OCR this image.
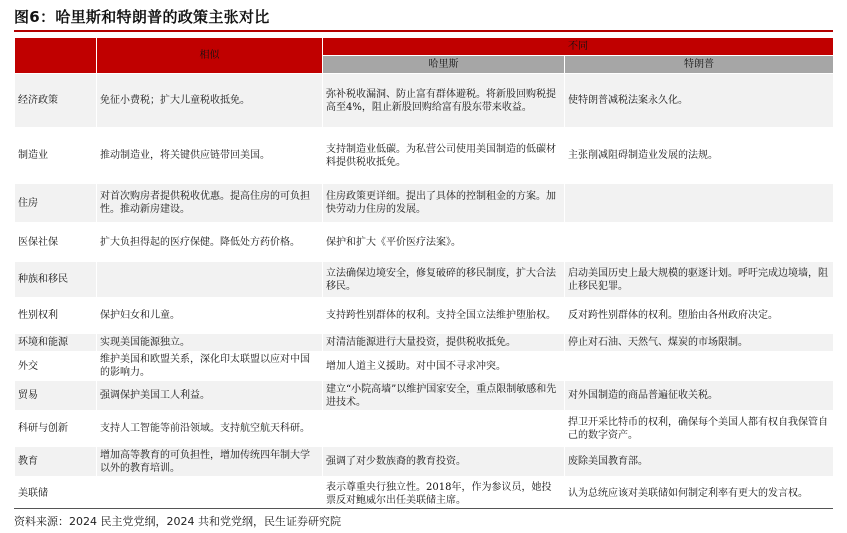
图6：哈里斯和特朗普的政策主张对比
	相似	不同	
		哈里斯	特朗普
经济政策	免征小费税；扩大儿童税收抵免。	弥补税收漏洞、防止富有群体避税。将新股回购税提高至4%，阻止新股回购给富有股东带来收益。	使特朗普减税法案永久化。
制造业	推动制造业，将关键供应链带回美国。	支持制造业低碳。为私营公司使用美国制造的低碳材料提供税收抵免。	主张削减阻碍制造业发展的法规。
住房	对首次购房者提供税收优惠。提高住房的可负担性。推动新房建设。	住房政策更详细。提出了具体的控制租金的方案。加快劳动力住房的发展。	
医保社保	扩大负担得起的医疗保健。降低处方药价格。	保护和扩大《平价医疗法案》。	
种族和移民		立法确保边境安全，修复破碎的移民制度，扩大合法移民。	启动美国历史上最大规模的驱逐计划。呼吁完成边境墙，阻止移民犯罪。
性别权利	保护妇女和儿童。	支持跨性别群体的权利。支持全国立法维护堕胎权。	反对跨性别群体的权利。堕胎由各州政府决定。
环境和能源	实现美国能源独立。	对清洁能源进行大量投资，提供税收抵免。	停止对石油、天然气、煤炭的市场限制。
外交	维护美国和欧盟关系，深化印太联盟以应对中国的影响力。	增加人道主义援助。对中国不寻求冲突。	
贸易	强调保护美国工人利益。	建立“小院高墙”以维护国家安全，重点限制敏感和先进技术。	对外国制造的商品普遍征收关税。
科研与创新	支持人工智能等前沿领域。支持航空航天科研。		捍卫开采比特币的权利，确保每个美国人都有权自我保管自己的数字资产。
教育	增加高等教育的可负担性，增加传统四年制大学以外的教育培训。	强调了对少数族裔的教育投资。	废除美国教育部。
美联储		表示尊重央行独立性。2018年，作为参议员，她投票反对鲍威尔出任美联储主席。	认为总统应该对美联储如何制定利率有更大的发言权。
资料来源：2024 民主党党纲，2024 共和党党纲，民生证券研究院
